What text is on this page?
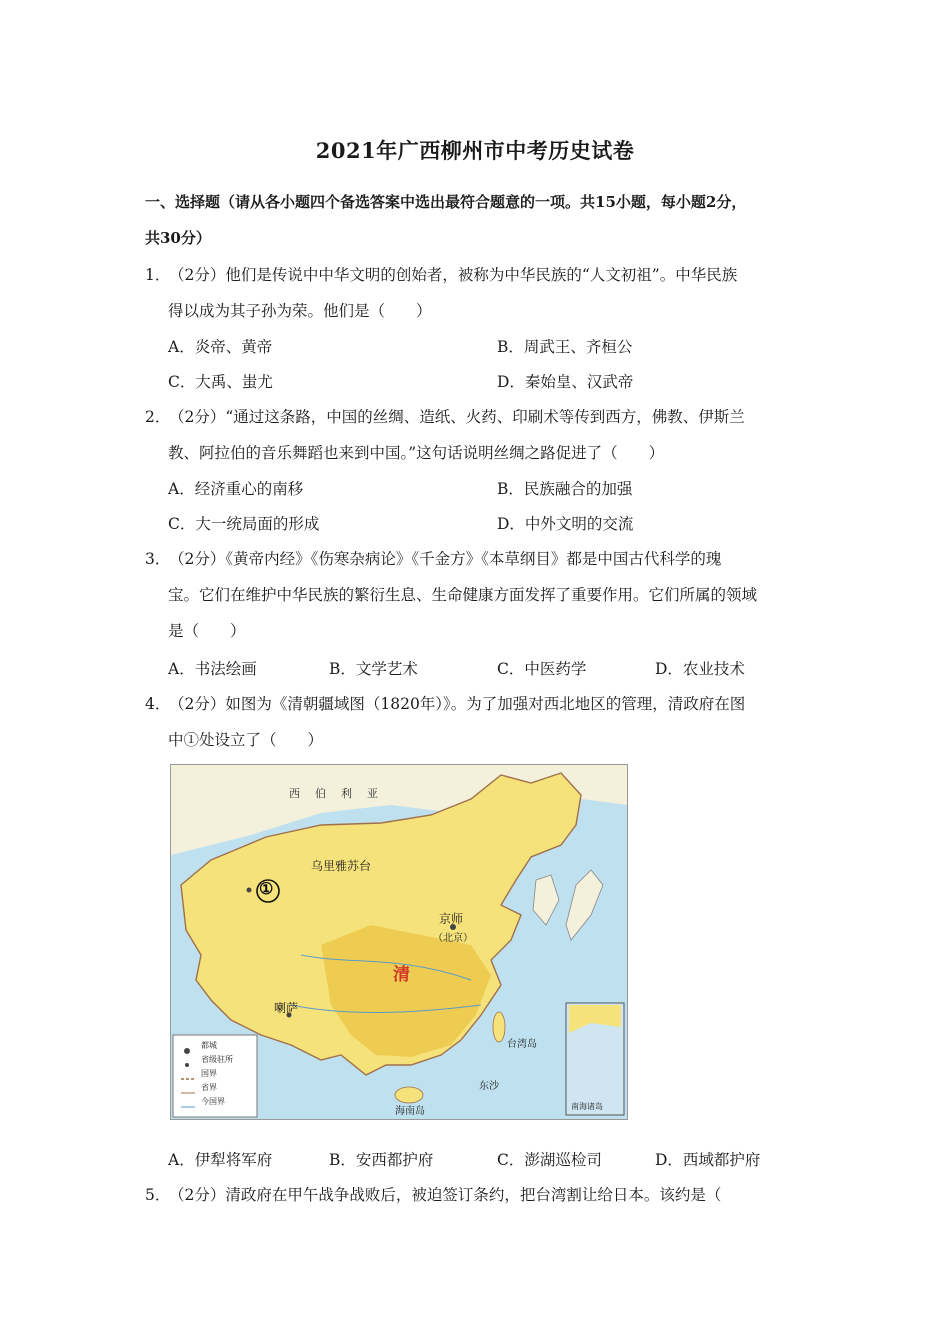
2021年广西柳州市中考历史试卷
一、选择题（请从各小题四个备选答案中选出最符合题意的一项。共15小题，每小题2分，
共30分）
1．（2分）他们是传说中中华文明的创始者，被称为中华民族的“人文初祖”。中华民族
得以成为其子孙为荣。他们是（　　）
A．炎帝、黄帝	B．周武王、齐桓公
C．大禹、蚩尤	D．秦始皇、汉武帝
2．（2分）“通过这条路，中国的丝绸、造纸、火药、印刷术等传到西方，佛教、伊斯兰
教、阿拉伯的音乐舞蹈也来到中国。”这句话说明丝绸之路促进了（　　）
A．经济重心的南移	B．民族融合的加强
C．大一统局面的形成	D．中外文明的交流
3．（2分）《黄帝内经》《伤寒杂病论》《千金方》《本草纲目》都是中国古代科学的瑰
宝。它们在维护中华民族的繁衍生息、生命健康方面发挥了重要作用。它们所属的领域
是（　　）
A．书法绘画	B．文学艺术	C．中医药学	D．农业技术
4．（2分）如图为《清朝疆域图（1820年）》。为了加强对西北地区的管理，清政府在图
中①处设立了（　　）
西　伯　利　亚
乌里雅苏台
①
京师
（北京）
清
喇萨
台湾岛
东沙
海南岛	南海诸岛
都城
省级驻所
国界
省界
今国界
A．伊犁将军府	B．安西都护府	C．澎湖巡检司	D．西域都护府
5．（2分）清政府在甲午战争战败后，被迫签订条约，把台湾割让给日本。该约是（
